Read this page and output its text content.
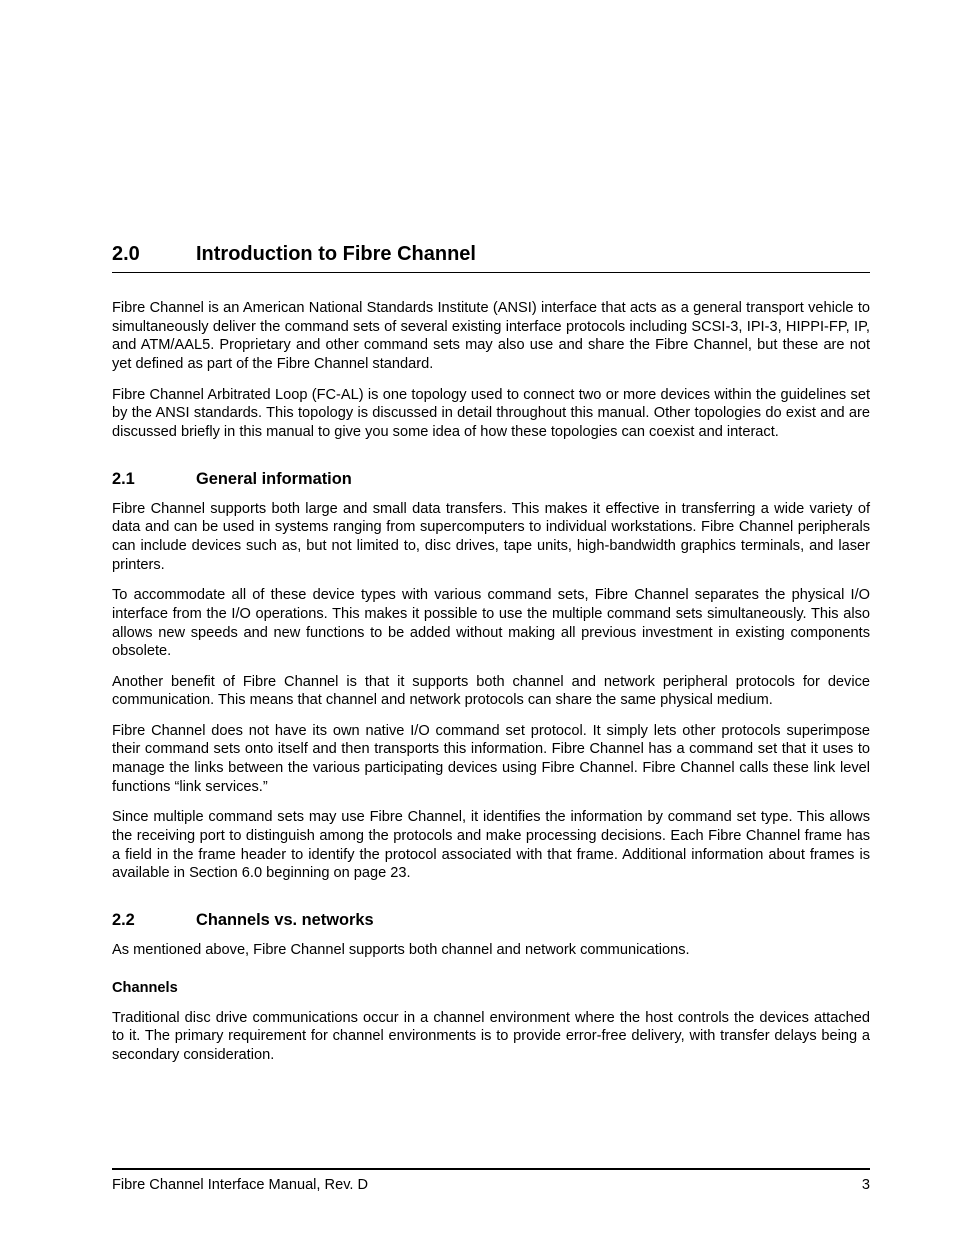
2.0	Introduction to Fibre Channel

Fibre Channel is an American National Standards Institute (ANSI) interface that acts as a general transport vehicle to simultaneously deliver the command sets of several existing interface protocols including SCSI-3, IPI-3, HIPPI-FP, IP, and ATM/AAL5. Proprietary and other command sets may also use and share the Fibre Channel, but these are not yet defined as part of the Fibre Channel standard.

Fibre Channel Arbitrated Loop (FC-AL) is one topology used to connect two or more devices within the guidelines set by the ANSI standards. This topology is discussed in detail throughout this manual. Other topologies do exist and are discussed briefly in this manual to give you some idea of how these topologies can coexist and interact.

2.1	General information

Fibre Channel supports both large and small data transfers. This makes it effective in transferring a wide variety of data and can be used in systems ranging from supercomputers to individual workstations. Fibre Channel peripherals can include devices such as, but not limited to, disc drives, tape units, high-bandwidth graphics terminals, and laser printers.

To accommodate all of these device types with various command sets, Fibre Channel separates the physical I/​O interface from the I/O operations. This makes it possible to use the multiple command sets simultaneously. This also allows new speeds and new functions to be added without making all previous investment in existing components obsolete.

Another benefit of Fibre Channel is that it supports both channel and network peripheral protocols for device communication. This means that channel and network protocols can share the same physical medium.

Fibre Channel does not have its own native I/O command set protocol. It simply lets other protocols superimpose their command sets onto itself and then transports this information. Fibre Channel has a command set that it uses to manage the links between the various participating devices using Fibre Channel. Fibre Channel calls these link level functions “link services.”

Since multiple command sets may use Fibre Channel, it identifies the information by command set type. This allows the receiving port to distinguish among the protocols and make processing decisions. Each Fibre Channel frame has a field in the frame header to identify the protocol associated with that frame. Additional information about frames is available in Section 6.0 beginning on page 23.

2.2	Channels vs. networks

As mentioned above, Fibre Channel supports both channel and network communications.

Channels

Traditional disc drive communications occur in a channel environment where the host controls the devices attached to it. The primary requirement for channel environments is to provide error-free delivery, with transfer delays being a secondary consideration.

Fibre Channel Interface Manual, Rev. D	3
